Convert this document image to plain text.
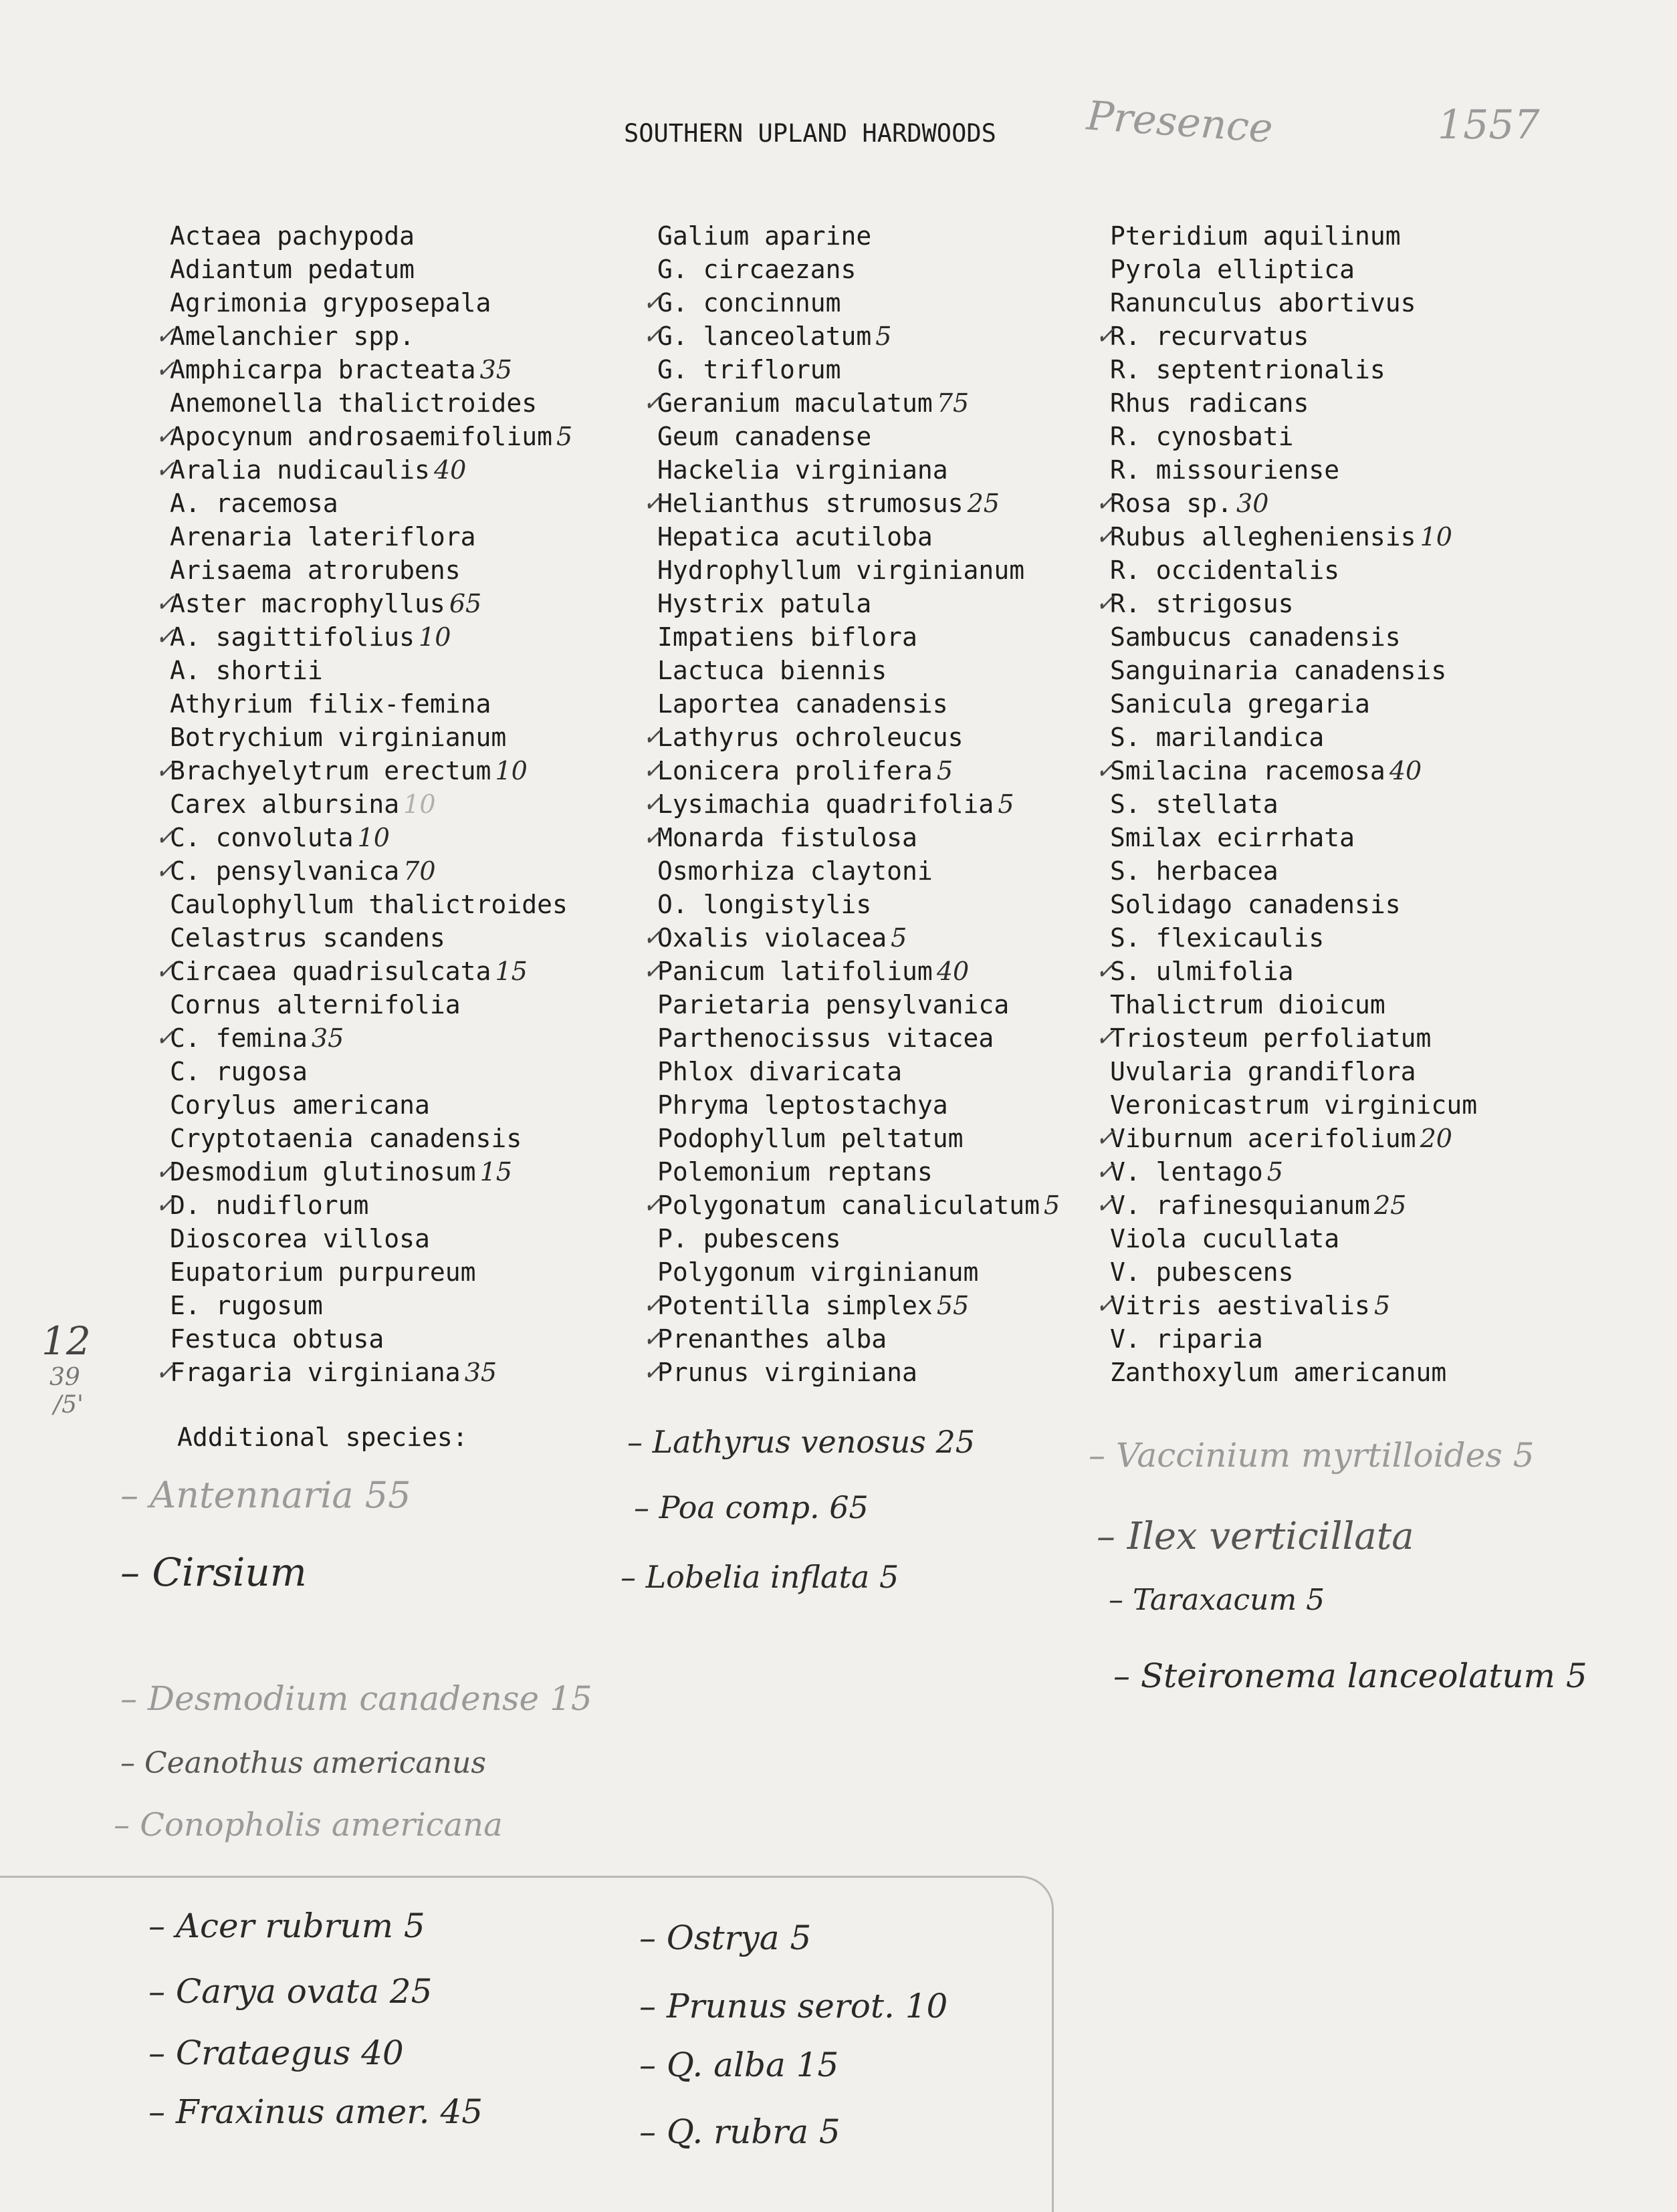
SOUTHERN UPLAND HARDWOODS Presence	1557
Actaea pachypoda
Adiantum pedatum
Agrimonia gryposepala
✓
Amelanchier spp.
✓
Amphicarpa bracteata 35
Anemonella thalictroides
✓
Apocynum androsaemifolium 5
✓
Aralia nudicaulis 40
A. racemosa
Arenaria lateriflora
Arisaema atrorubens
✓
Aster macrophyllus 65
✓
A. sagittifolius 10
A. shortii
Athyrium filix-femina
Botrychium virginianum
✓
Brachyelytrum erectum 10
Carex albursina 10
✓
C. convoluta 10
✓
C. pensylvanica 70
Caulophyllum thalictroides
Celastrus scandens
✓
Circaea quadrisulcata 15
Cornus alternifolia
✓
C. femina 35
C. rugosa
Corylus americana
Cryptotaenia canadensis
✓
Desmodium glutinosum 15
✓
D. nudiflorum
Dioscorea villosa
Eupatorium purpureum
E. rugosum
Festuca obtusa
✓
Fragaria virginiana 35
Galium aparine
G. circaezans
✓
G. concinnum
✓
G. lanceolatum 5
G. triflorum
✓
Geranium maculatum 75
Geum canadense
Hackelia virginiana
✓
Helianthus strumosus 25
Hepatica acutiloba
Hydrophyllum virginianum
Hystrix patula
Impatiens biflora
Lactuca biennis
Laportea canadensis
✓
Lathyrus ochroleucus
✓
Lonicera prolifera 5
✓
Lysimachia quadrifolia 5
✓
Monarda fistulosa
Osmorhiza claytoni
O. longistylis
✓
Oxalis violacea 5
✓
Panicum latifolium 40
Parietaria pensylvanica
Parthenocissus vitacea
Phlox divaricata
Phryma leptostachya
Podophyllum peltatum
Polemonium reptans
✓
Polygonatum canaliculatum 5
P. pubescens
Polygonum virginianum
✓
Potentilla simplex 55
✓
Prenanthes alba
✓
Prunus virginiana
Pteridium aquilinum
Pyrola elliptica
Ranunculus abortivus
✓
R. recurvatus
R. septentrionalis
Rhus radicans
R. cynosbati
R. missouriense
✓
Rosa sp. 30
✓
Rubus allegheniensis 10
R. occidentalis
✓
R. strigosus
Sambucus canadensis
Sanguinaria canadensis
Sanicula gregaria
S. marilandica
✓
Smilacina racemosa 40
S. stellata
Smilax ecirrhata
S. herbacea
Solidago canadensis
S. flexicaulis
✓
S. ulmifolia
Thalictrum dioicum
✓
Triosteum perfoliatum
Uvularia grandiflora
Veronicastrum virginicum
✓
Viburnum acerifolium 20
✓
V. lentago 5
✓
V. rafinesquianum 25
Viola cucullata
V. pubescens
✓
Vitris aestivalis 5
V. riparia
Zanthoxylum americanum
12
39
/5'
Additional species:
– Antennaria 55
– Cirsium
– Desmodium canadense 15
– Ceanothus americanus
– Conopholis americana
– Lathyrus venosus 25
– Poa comp. 65
– Lobelia inflata 5
– Vaccinium myrtilloides 5
– Ilex verticillata
– Taraxacum 5
– Steironema lanceolatum 5
– Acer rubrum 5
– Carya ovata 25
– Crataegus 40
– Fraxinus amer. 45
– Ostrya 5
– Prunus serot. 10
– Q. alba 15
– Q. rubra 5
